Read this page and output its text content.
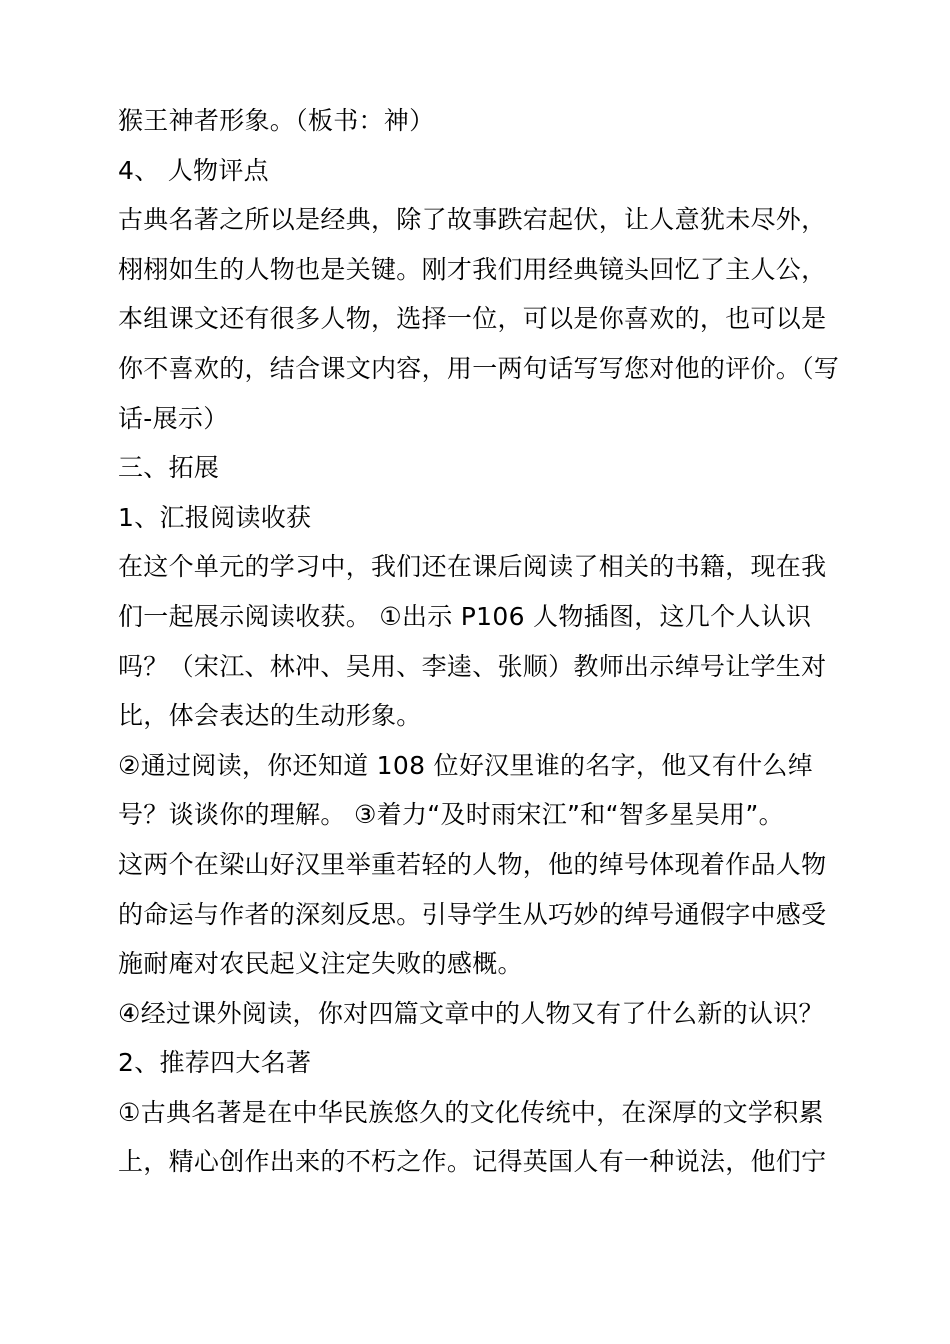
猴王神者形象。（板书：神）
4、 人物评点
古典名著之所以是经典，除了故事跌宕起伏，让人意犹未尽外，
栩栩如生的人物也是关键。刚才我们用经典镜头回忆了主人公，
本组课文还有很多人物，选择一位，可以是你喜欢的，也可以是
你不喜欢的，结合课文内容，用一两句话写写您对他的评价。（写
话-展示）
三、拓展
1、汇报阅读收获
在这个单元的学习中，我们还在课后阅读了相关的书籍，现在我
们一起展示阅读收获。 ①出示 P106 人物插图，这几个人认识
吗？（宋江、林冲、吴用、李逵、张顺）教师出示绰号让学生对
比，体会表达的生动形象。
②通过阅读，你还知道 108 位好汉里谁的名字，他又有什么绰
号？谈谈你的理解。 ③着力“及时雨宋江”和“智多星吴用”。
这两个在梁山好汉里举重若轻的人物，他的绰号体现着作品人物
的命运与作者的深刻反思。引导学生从巧妙的绰号通假字中感受
施耐庵对农民起义注定失败的感概。
④经过课外阅读，你对四篇文章中的人物又有了什么新的认识？
2、推荐四大名著
①古典名著是在中华民族悠久的文化传统中，在深厚的文学积累
上，精心创作出来的不朽之作。记得英国人有一种说法，他们宁
